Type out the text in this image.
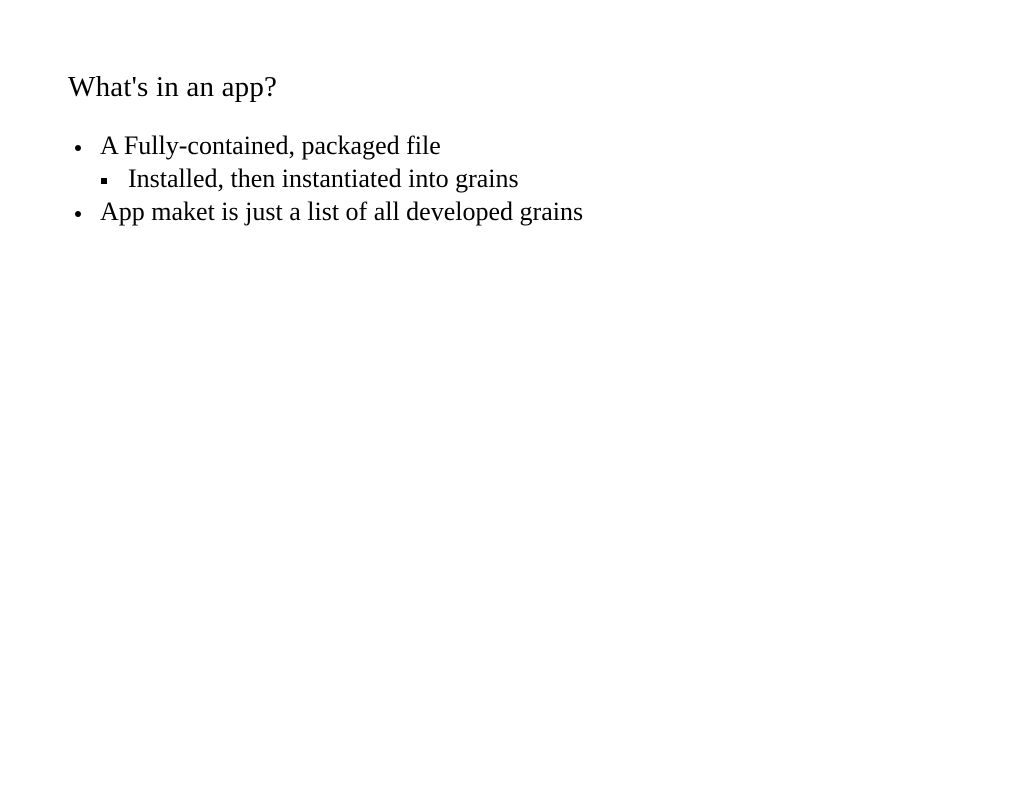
What's in an app?
• A Fully-contained, packaged file
▪ Installed, then instantiated into grains
• App maket is just a list of all developed grains
